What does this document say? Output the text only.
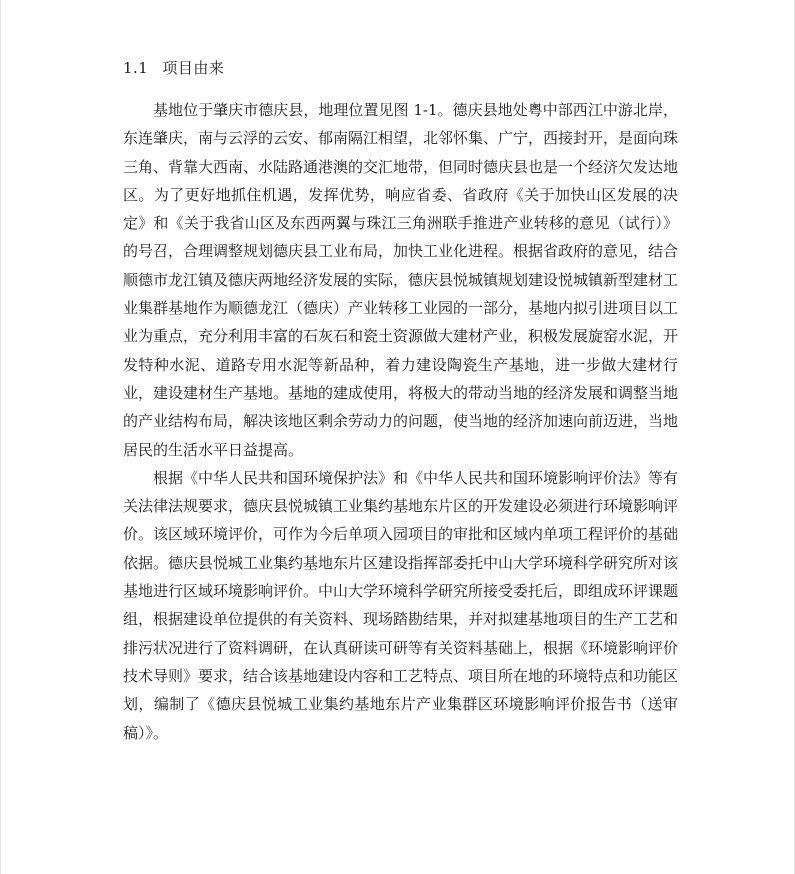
1.1 项目由来

基地位于肇庆市德庆县，地理位置见图 1-1。德庆县地处粤中部西江中游北岸，东连肇庆，南与云浮的云安、郁南隔江相望，北邻怀集、广宁，西接封开，是面向珠三角、背靠大西南、水陆路通港澳的交汇地带，但同时德庆县也是一个经济欠发达地区。为了更好地抓住机遇，发挥优势，响应省委、省政府《关于加快山区发展的决定》和《关于我省山区及东西两翼与珠江三角洲联手推进产业转移的意见（试行）》的号召，合理调整规划德庆县工业布局，加快工业化进程。根据省政府的意见，结合顺德市龙江镇及德庆两地经济发展的实际，德庆县悦城镇规划建设悦城镇新型建材工业集群基地作为顺德龙江（德庆）产业转移工业园的一部分，基地内拟引进项目以工业为重点，充分利用丰富的石灰石和瓷土资源做大建材产业，积极发展旋窑水泥，开发特种水泥、道路专用水泥等新品种，着力建设陶瓷生产基地，进一步做大建材行业，建设建材生产基地。基地的建成使用，将极大的带动当地的经济发展和调整当地的产业结构布局，解决该地区剩余劳动力的问题，使当地的经济加速向前迈进，当地居民的生活水平日益提高。

根据《中华人民共和国环境保护法》和《中华人民共和国环境影响评价法》等有关法律法规要求，德庆县悦城镇工业集约基地东片区的开发建设必须进行环境影响评价。该区域环境评价，可作为今后单项入园项目的审批和区域内单项工程评价的基础依据。德庆县悦城工业集约基地东片区建设指挥部委托中山大学环境科学研究所对该基地进行区域环境影响评价。中山大学环境科学研究所接受委托后，即组成环评课题组，根据建设单位提供的有关资料、现场踏勘结果，并对拟建基地项目的生产工艺和排污状况进行了资料调研，在认真研读可研等有关资料基础上，根据《环境影响评价技术导则》要求，结合该基地建设内容和工艺特点、项目所在地的环境特点和功能区划，编制了《德庆县悦城工业集约基地东片产业集群区环境影响评价报告书（送审稿）》。
